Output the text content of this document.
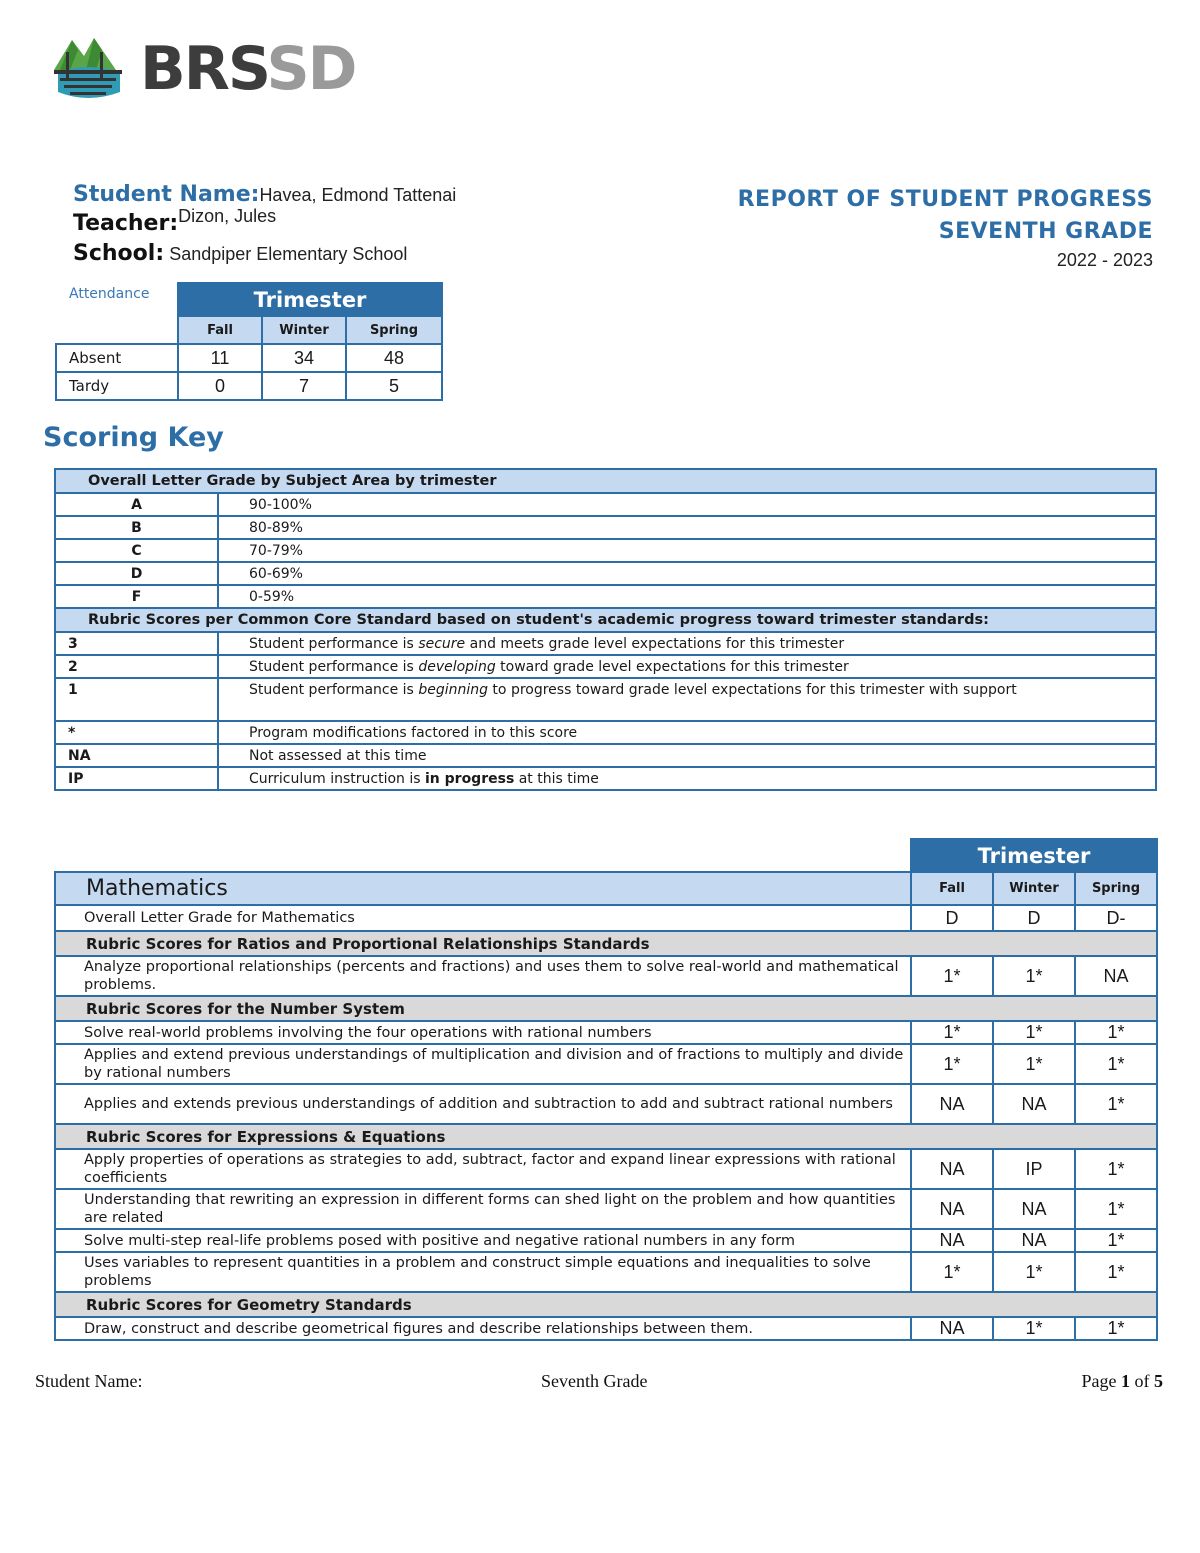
BRSSD
Student Name:Havea, Edmond Tattenai
Teacher:Dizon, Jules
School: Sandpiper Elementary School
REPORT OF STUDENT PROGRESS
SEVENTH GRADE
2022 - 2023
Attendance
		Trimester		
	Fall	Winter	Spring
Absent	11	34	48
Tardy	0	7	5
Scoring Key
Overall Letter Grade by Subject Area by trimester	
A	90-100%
B	80-89%
C	70-79%
D	60-69%
F	0-59%
Rubric Scores per Common Core Standard based on student's academic progress toward trimester standards:	
3	Student performance is secure and meets grade level expectations for this trimester
2	Student performance is developing toward grade level expectations for this trimester
1	Student performance is beginning to progress toward grade level expectations for this trimester with support
*	Program modifications factored in to this score
NA	Not assessed at this time
IP	Curriculum instruction is in progress at this time
	Trimester		
Mathematics	Fall	Winter	Spring
Overall Letter Grade for Mathematics	D	D	D-
Rubric Scores for Ratios and Proportional Relationships Standards			
Analyze proportional relationships (percents and fractions) and uses them to solve real-world and mathematical problems.	1*	1*	NA
Rubric Scores for the Number System			
Solve real-world problems involving the four operations with rational numbers	1*	1*	1*
Applies and extend previous understandings of multiplication and division and of fractions to multiply and divide by rational numbers	1*	1*	1*
Applies and extends previous understandings of addition and subtraction to add and subtract rational numbers	NA	NA	1*
Rubric Scores for Expressions & Equations			
Apply properties of operations as strategies to add, subtract, factor and expand linear expressions with rational coefficients	NA	IP	1*
Understanding that rewriting an expression in different forms can shed light on the problem and how quantities are related	NA	NA	1*
Solve multi-step real-life problems posed with positive and negative rational numbers in any form	NA	NA	1*
Uses variables to represent quantities in a problem and construct simple equations and inequalities to solve problems	1*	1*	1*
Rubric Scores for Geometry Standards			
Draw, construct and describe geometrical figures and describe relationships between them.	NA	1*	1*
Student Name:	Seventh Grade	Page 1 of 5
